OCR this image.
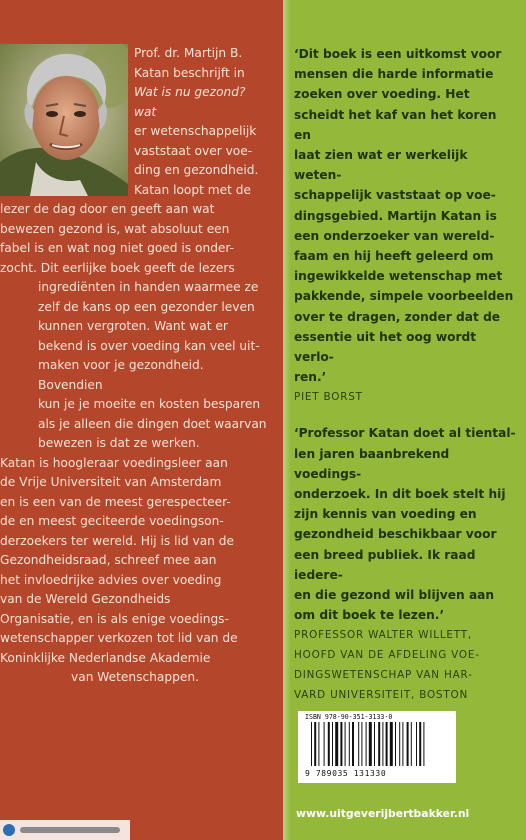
Prof. dr. Martijn B.

Katan beschrijft in

Wat is nu gezond? wat

er wetenschappelijk

vaststaat over voe-

ding en gezondheid.

Katan loopt met de

lezer de dag door en geeft aan wat

bewezen gezond is, wat absoluut een

fabel is en wat nog niet goed is onder-

zocht. Dit eerlijke boek geeft de lezers

ingrediënten in handen waarmee ze

zelf de kans op een gezonder leven

kunnen vergroten. Want wat er

bekend is over voeding kan veel uit-

maken voor je gezondheid. Bovendien

kun je je moeite en kosten besparen

als je alleen die dingen doet waarvan

bewezen is dat ze werken.

Katan is hoogleraar voedingsleer aan

de Vrije Universiteit van Amsterdam

en is een van de meest gerespecteer-

de en meest geciteerde voedingson-

derzoekers ter wereld. Hij is lid van de

Gezondheidsraad, schreef mee aan

het invloedrijke advies over voeding

van de Wereld Gezondheids

Organisatie, en is als enige voedings-

wetenschapper verkozen tot lid van de

Koninklijke Nederlandse Akademie

van Wetenschappen.

‘Dit boek is een uitkomst voor

mensen die harde informatie

zoeken over voeding. Het

scheidt het kaf van het koren en

laat zien wat er werkelijk weten-

schappelijk vaststaat op voe-

dingsgebied. Martijn Katan is

een onderzoeker van wereld-

faam en hij heeft geleerd om

ingewikkelde wetenschap met

pakkende, simpele voorbeelden

over te dragen, zonder dat de

essentie uit het oog wordt verlo-

ren.’

PIET BORST

‘Professor Katan doet al tiental-

len jaren baanbrekend voedings-

onderzoek. In dit boek stelt hij

zijn kennis van voeding en

gezondheid beschikbaar voor

een breed publiek. Ik raad iedere-

en die gezond wil blijven aan

om dit boek te lezen.’

PROFESSOR WALTER WILLETT,

HOOFD VAN DE AFDELING VOE-

DINGSWETENSCHAP VAN HAR-

VARD UNIVERSITEIT, BOSTON

ISBN 978-90-351-3133-0
9 789035 131330
www.uitgeverijbertbakker.nl
